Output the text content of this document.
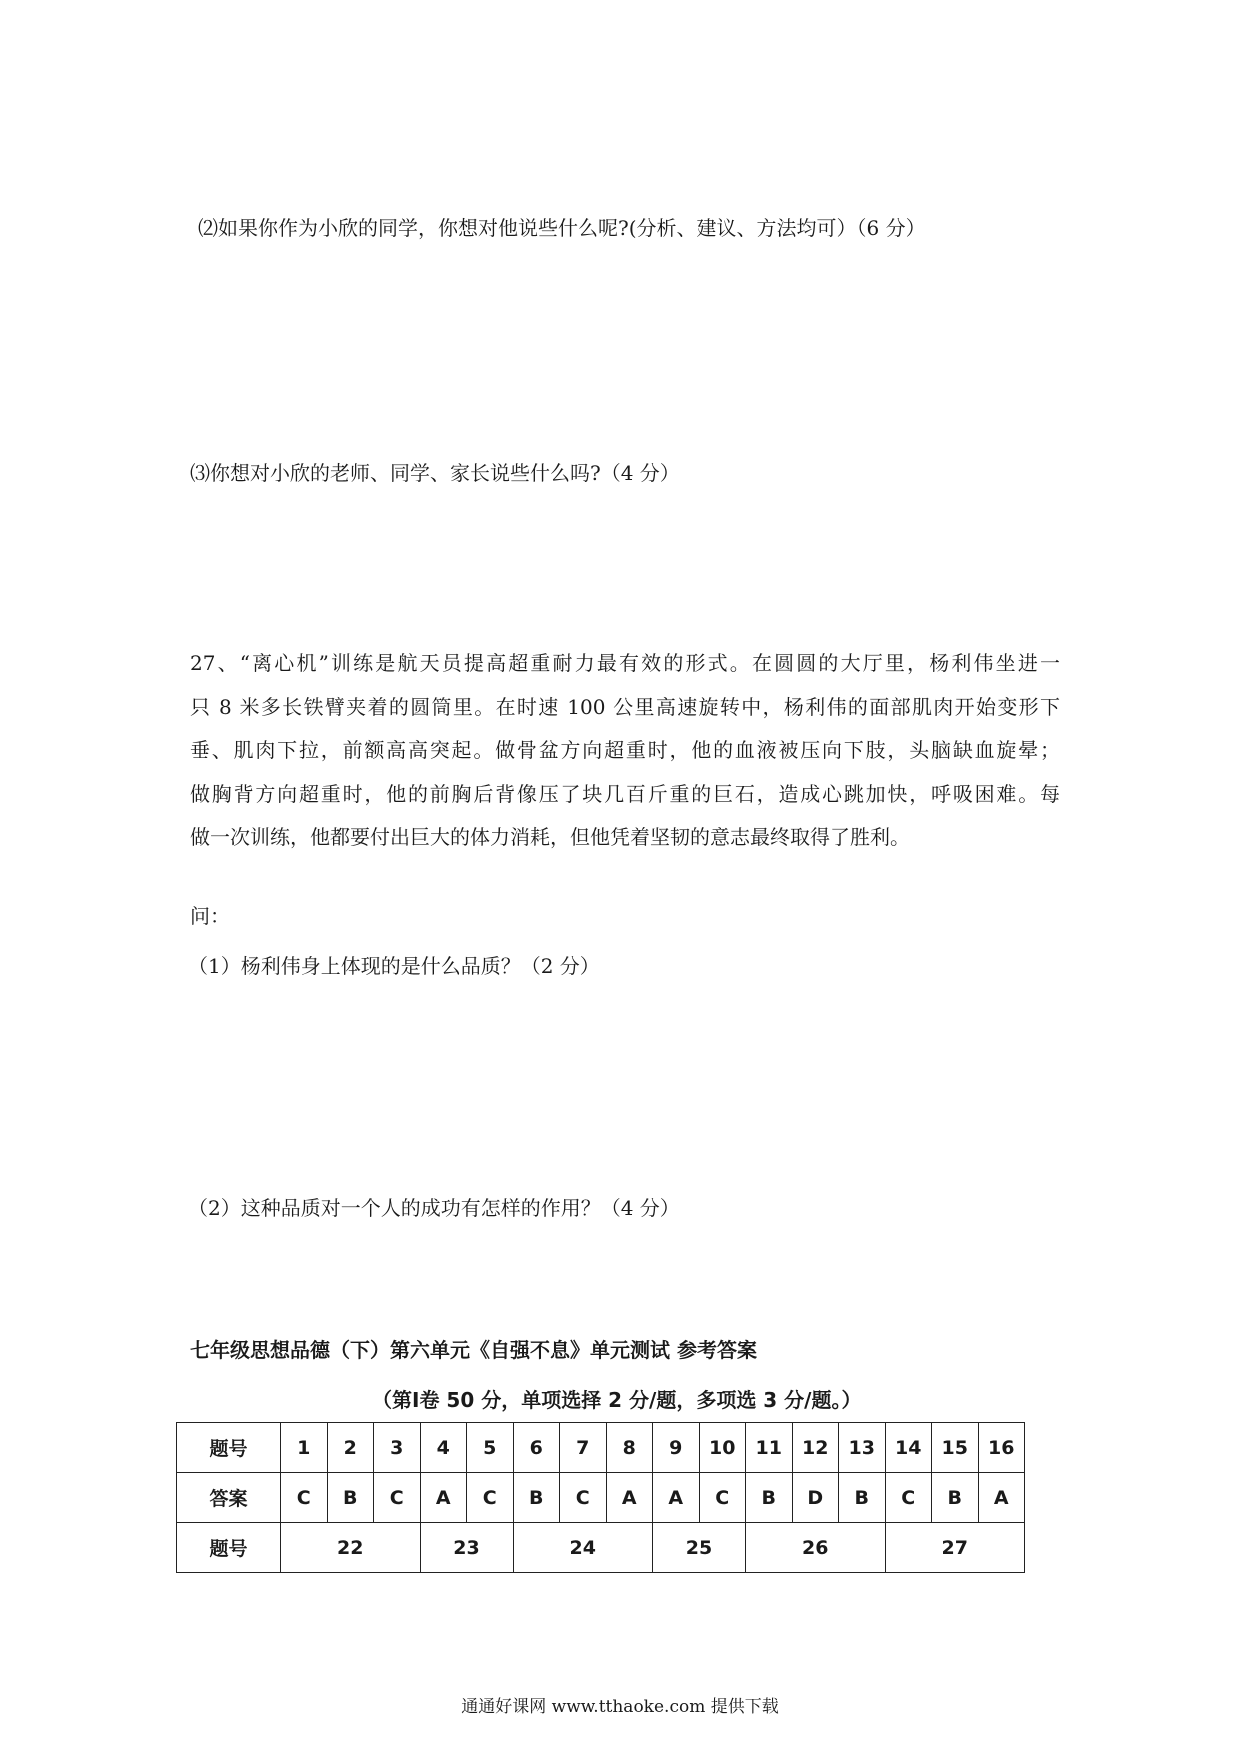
⑵如果你作为小欣的同学，你想对他说些什么呢?(分析、建议、方法均可）（6 分）
⑶你想对小欣的老师、同学、家长说些什么吗?（4 分）
27、“离心机”训练是航天员提高超重耐力最有效的形式。在圆圆的大厅里，杨利伟坐进一
只 8 米多长铁臂夹着的圆筒里。在时速 100 公里高速旋转中，杨利伟的面部肌肉开始变形下
垂、肌肉下拉，前额高高突起。做骨盆方向超重时，他的血液被压向下肢，头脑缺血旋晕；
做胸背方向超重时，他的前胸后背像压了块几百斤重的巨石，造成心跳加快，呼吸困难。每
做一次训练，他都要付出巨大的体力消耗，但他凭着坚韧的意志最终取得了胜利。
问：
（1）杨利伟身上体现的是什么品质？（2 分）
（2）这种品质对一个人的成功有怎样的作用？（4 分）
七年级思想品德（下）第六单元《自强不息》单元测试 参考答案
（第Ⅰ卷 50 分，单项选择 2 分/题，多项选 3 分/题。）
题号	1	2	3	4	5	6	7	8	9	10	11	12	13	14	15	16
答案	C	B	C	A	C	B	C	A	A	C	B	D	B	C	B	A
题号	22			23		24			25		26			27		
通通好课网 www.tthaoke.com 提供下载
